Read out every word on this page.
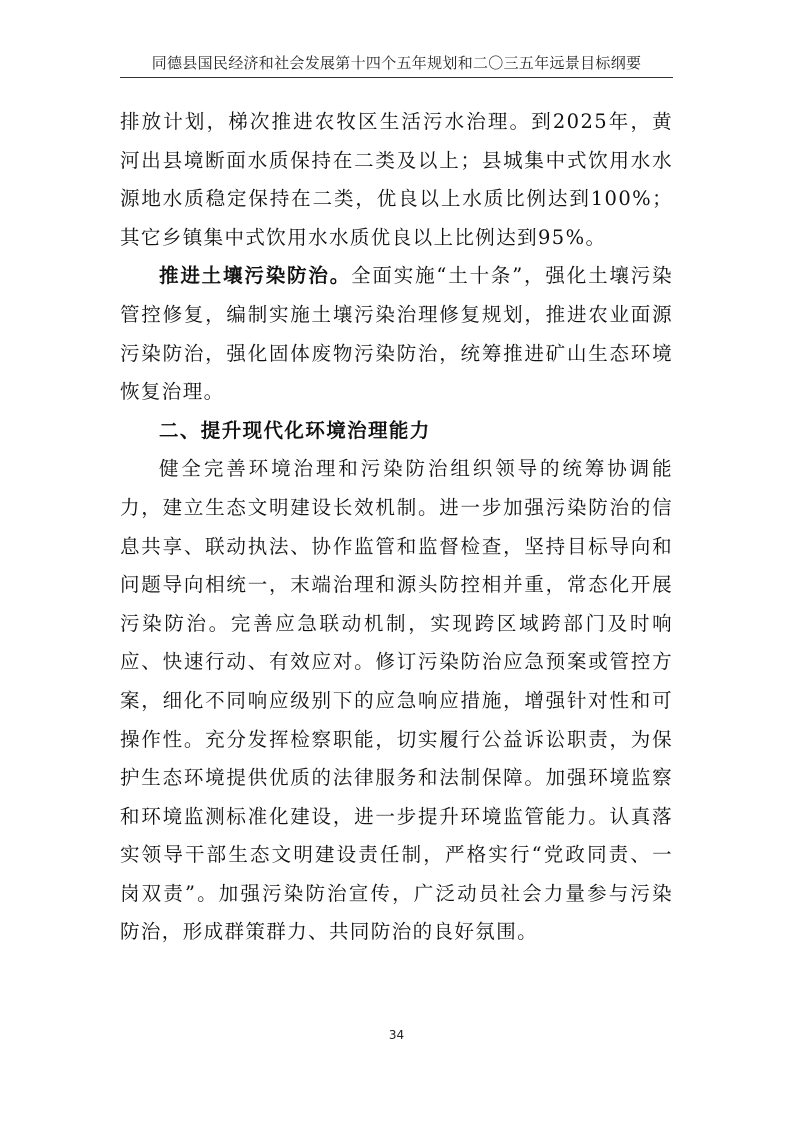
同德县国民经济和社会发展第十四个五年规划和二〇三五年远景目标纲要

排放计划，梯次推进农牧区生活污水治理。到2025年，黄河出县境断面水质保持在二类及以上；县城集中式饮用水水源地水质稳定保持在二类，优良以上水质比例达到100%；其它乡镇集中式饮用水水质优良以上比例达到95%。

推进土壤污染防治。全面实施“土十条”，强化土壤污染管控修复，编制实施土壤污染治理修复规划，推进农业面源污染防治，强化固体废物污染防治，统筹推进矿山生态环境恢复治理。

二、提升现代化环境治理能力

健全完善环境治理和污染防治组织领导的统筹协调能力，建立生态文明建设长效机制。进一步加强污染防治的信息共享、联动执法、协作监管和监督检查，坚持目标导向和问题导向相统一，末端治理和源头防控相并重，常态化开展污染防治。完善应急联动机制，实现跨区域跨部门及时响应、快速行动、有效应对。修订污染防治应急预案或管控方案，细化不同响应级别下的应急响应措施，增强针对性和可操作性。充分发挥检察职能，切实履行公益诉讼职责，为保护生态环境提供优质的法律服务和法制保障。加强环境监察和环境监测标准化建设，进一步提升环境监管能力。认真落实领导干部生态文明建设责任制，严格实行“党政同责、一岗双责”。加强污染防治宣传，广泛动员社会力量参与污染防治，形成群策群力、共同防治的良好氛围。

34
